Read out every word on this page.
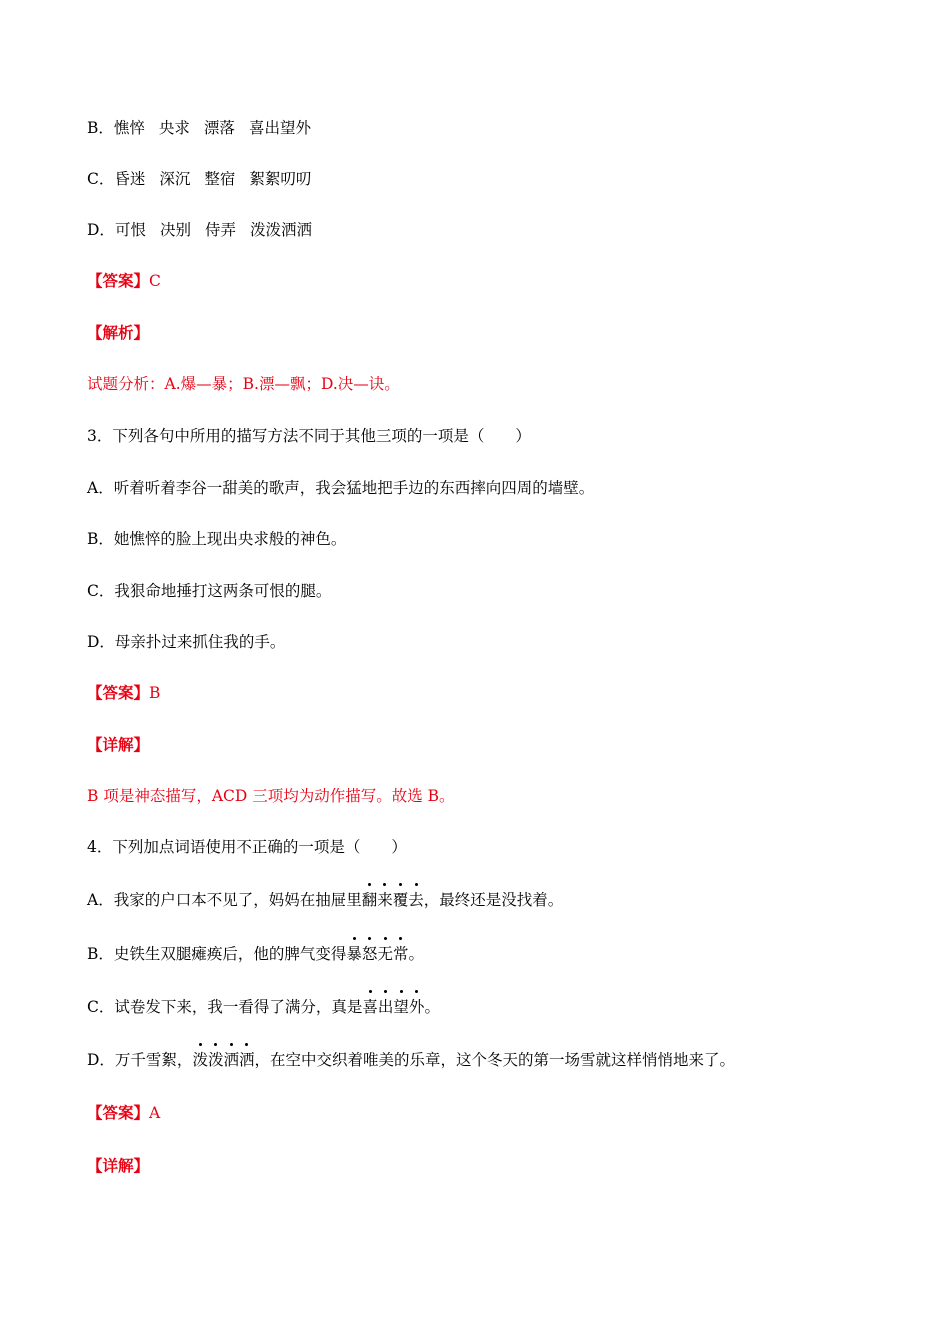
B．憔悴 央求 漂落 喜出望外
C．昏迷 深沉 整宿 絮絮叨叨
D．可恨 决别 侍弄 泼泼洒洒
【答案】C
【解析】
试题分析：A.爆—暴；B.漂—飘；D.决—诀。
3．下列各句中所用的描写方法不同于其他三项的一项是（　　）
A．听着听着李谷一甜美的歌声，我会猛地把手边的东西摔向四周的墙壁。
B．她憔悴的脸上现出央求般的神色。
C．我狠命地捶打这两条可恨的腿。
D．母亲扑过来抓住我的手。
【答案】B
【详解】
B 项是神态描写，ACD 三项均为动作描写。故选 B。
4．下列加点词语使用不正确的一项是（　　）
A．我家的户口本不见了，妈妈在抽屉里翻来覆去，最终还是没找着。
B．史铁生双腿瘫痪后，他的脾气变得暴怒无常。
C．试卷发下来，我一看得了满分，真是喜出望外。
D．万千雪絮，泼泼洒洒，在空中交织着唯美的乐章，这个冬天的第一场雪就这样悄悄地来了。
【答案】A
【详解】
